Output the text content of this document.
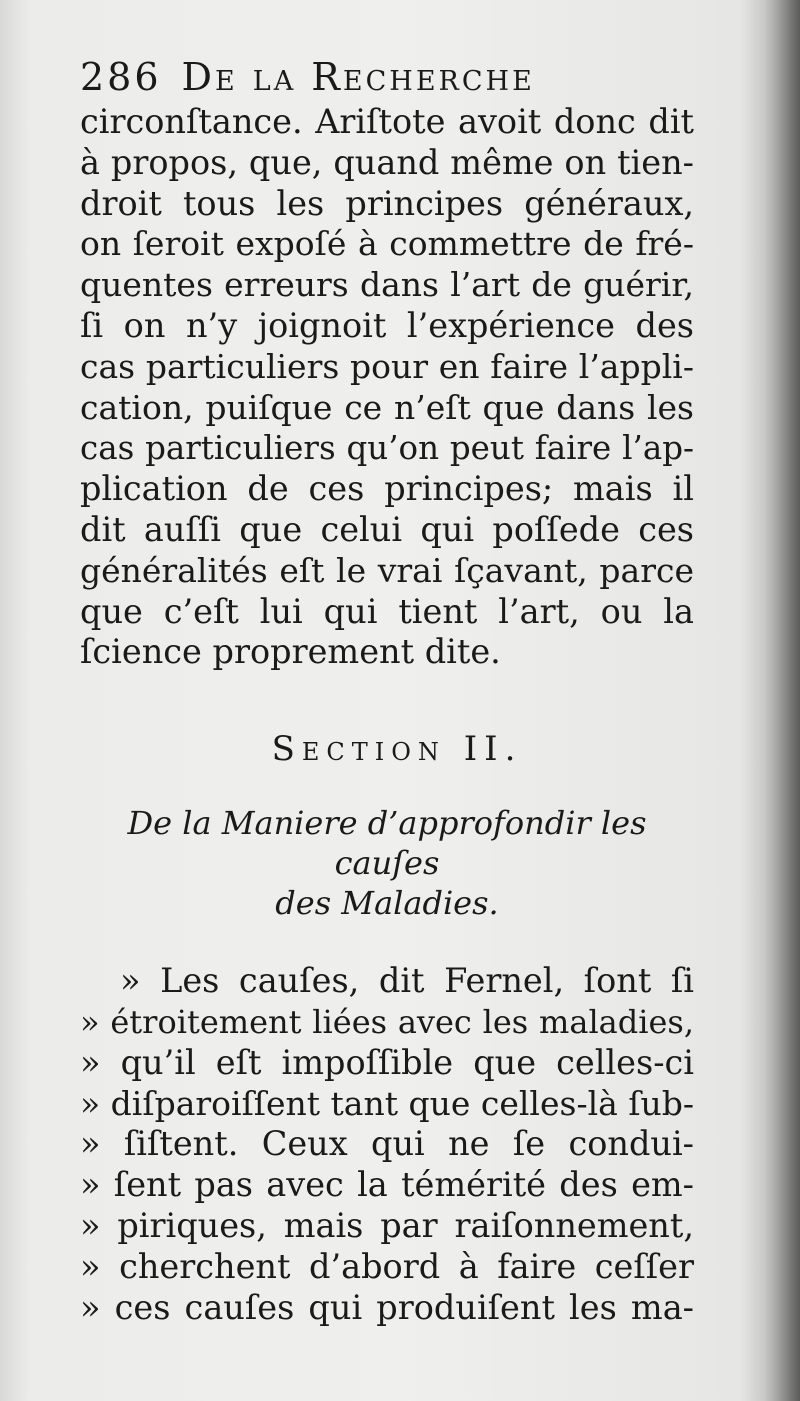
286 De la Recherche
circonſtance. Ariſtote avoit donc dit
à propos, que, quand même on tien-
droit tous les principes généraux,
on ſeroit expoſé à commettre de fré-
quentes erreurs dans l’art de guérir,
ſi on n’y joignoit l’expérience des
cas particuliers pour en faire l’appli-
cation, puiſque ce n’eſt que dans les
cas particuliers qu’on peut faire l’ap-
plication de ces principes; mais il
dit auſſi que celui qui poſſede ces
généralités eſt le vrai ſçavant, parce
que c’eſt lui qui tient l’art, ou la
ſcience proprement dite.
Section II.
De la Maniere d’approfondir les cauſes
des Maladies.
» Les cauſes, dit Fernel, ſont ſi
» étroitement liées avec les maladies,
» qu’il eſt impoſſible que celles-ci
» diſparoiſſent tant que celles-là ſub-
» ſiſtent. Ceux qui ne ſe condui-
» ſent pas avec la témérité des em-
» piriques, mais par raiſonnement,
» cherchent d’abord à faire ceſſer
» ces cauſes qui produiſent les ma-
